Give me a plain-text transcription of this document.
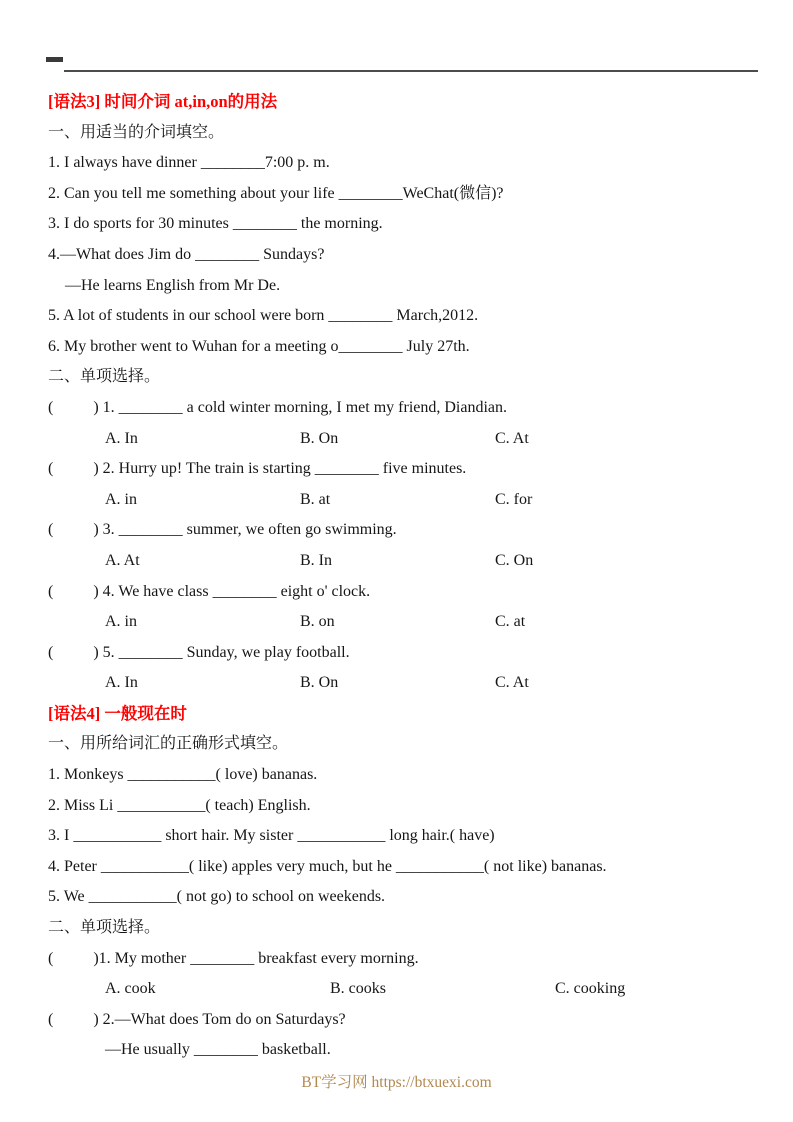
[语法3] 时间介词 at,in,on的用法
一、用适当的介词填空。
1. I always have dinner ________7:00 p. m.
2. Can you tell me something about your life ________WeChat(微信)?
3. I do sports for 30 minutes ________ the morning.
4.—What does Jim do ________ Sundays?
—He learns English from Mr De.
5. A lot of students in our school were born ________ March,2012.
6. My brother went to Wuhan for a meeting o________ July 27th.
二、单项选择。
(          ) 1. ________ a cold winter morning, I met my friend, Diandian.
A. In	B. On	C. At
(          ) 2. Hurry up! The train is starting ________ five minutes.
A. in	B. at	C. for
(          ) 3. ________ summer, we often go swimming.
A. At	B. In	C. On
(          ) 4. We have class ________ eight o' clock.
A. in	B. on	C. at
(          ) 5. ________ Sunday, we play football.
A. In	B. On	C. At
[语法4] 一般现在时
一、用所给词汇的正确形式填空。
1. Monkeys ___________( love) bananas.
2. Miss Li ___________( teach) English.
3. I ___________ short hair. My sister ___________ long hair.( have)
4. Peter ___________( like) apples very much, but he ___________( not like) bananas.
5. We ___________( not go) to school on weekends.
二、单项选择。
(          )1. My mother ________ breakfast every morning.
A. cook	B. cooks	C. cooking
(          ) 2.—What does Tom do on Saturdays?
—He usually ________ basketball.
BT学习网 https://btxuexi.com
